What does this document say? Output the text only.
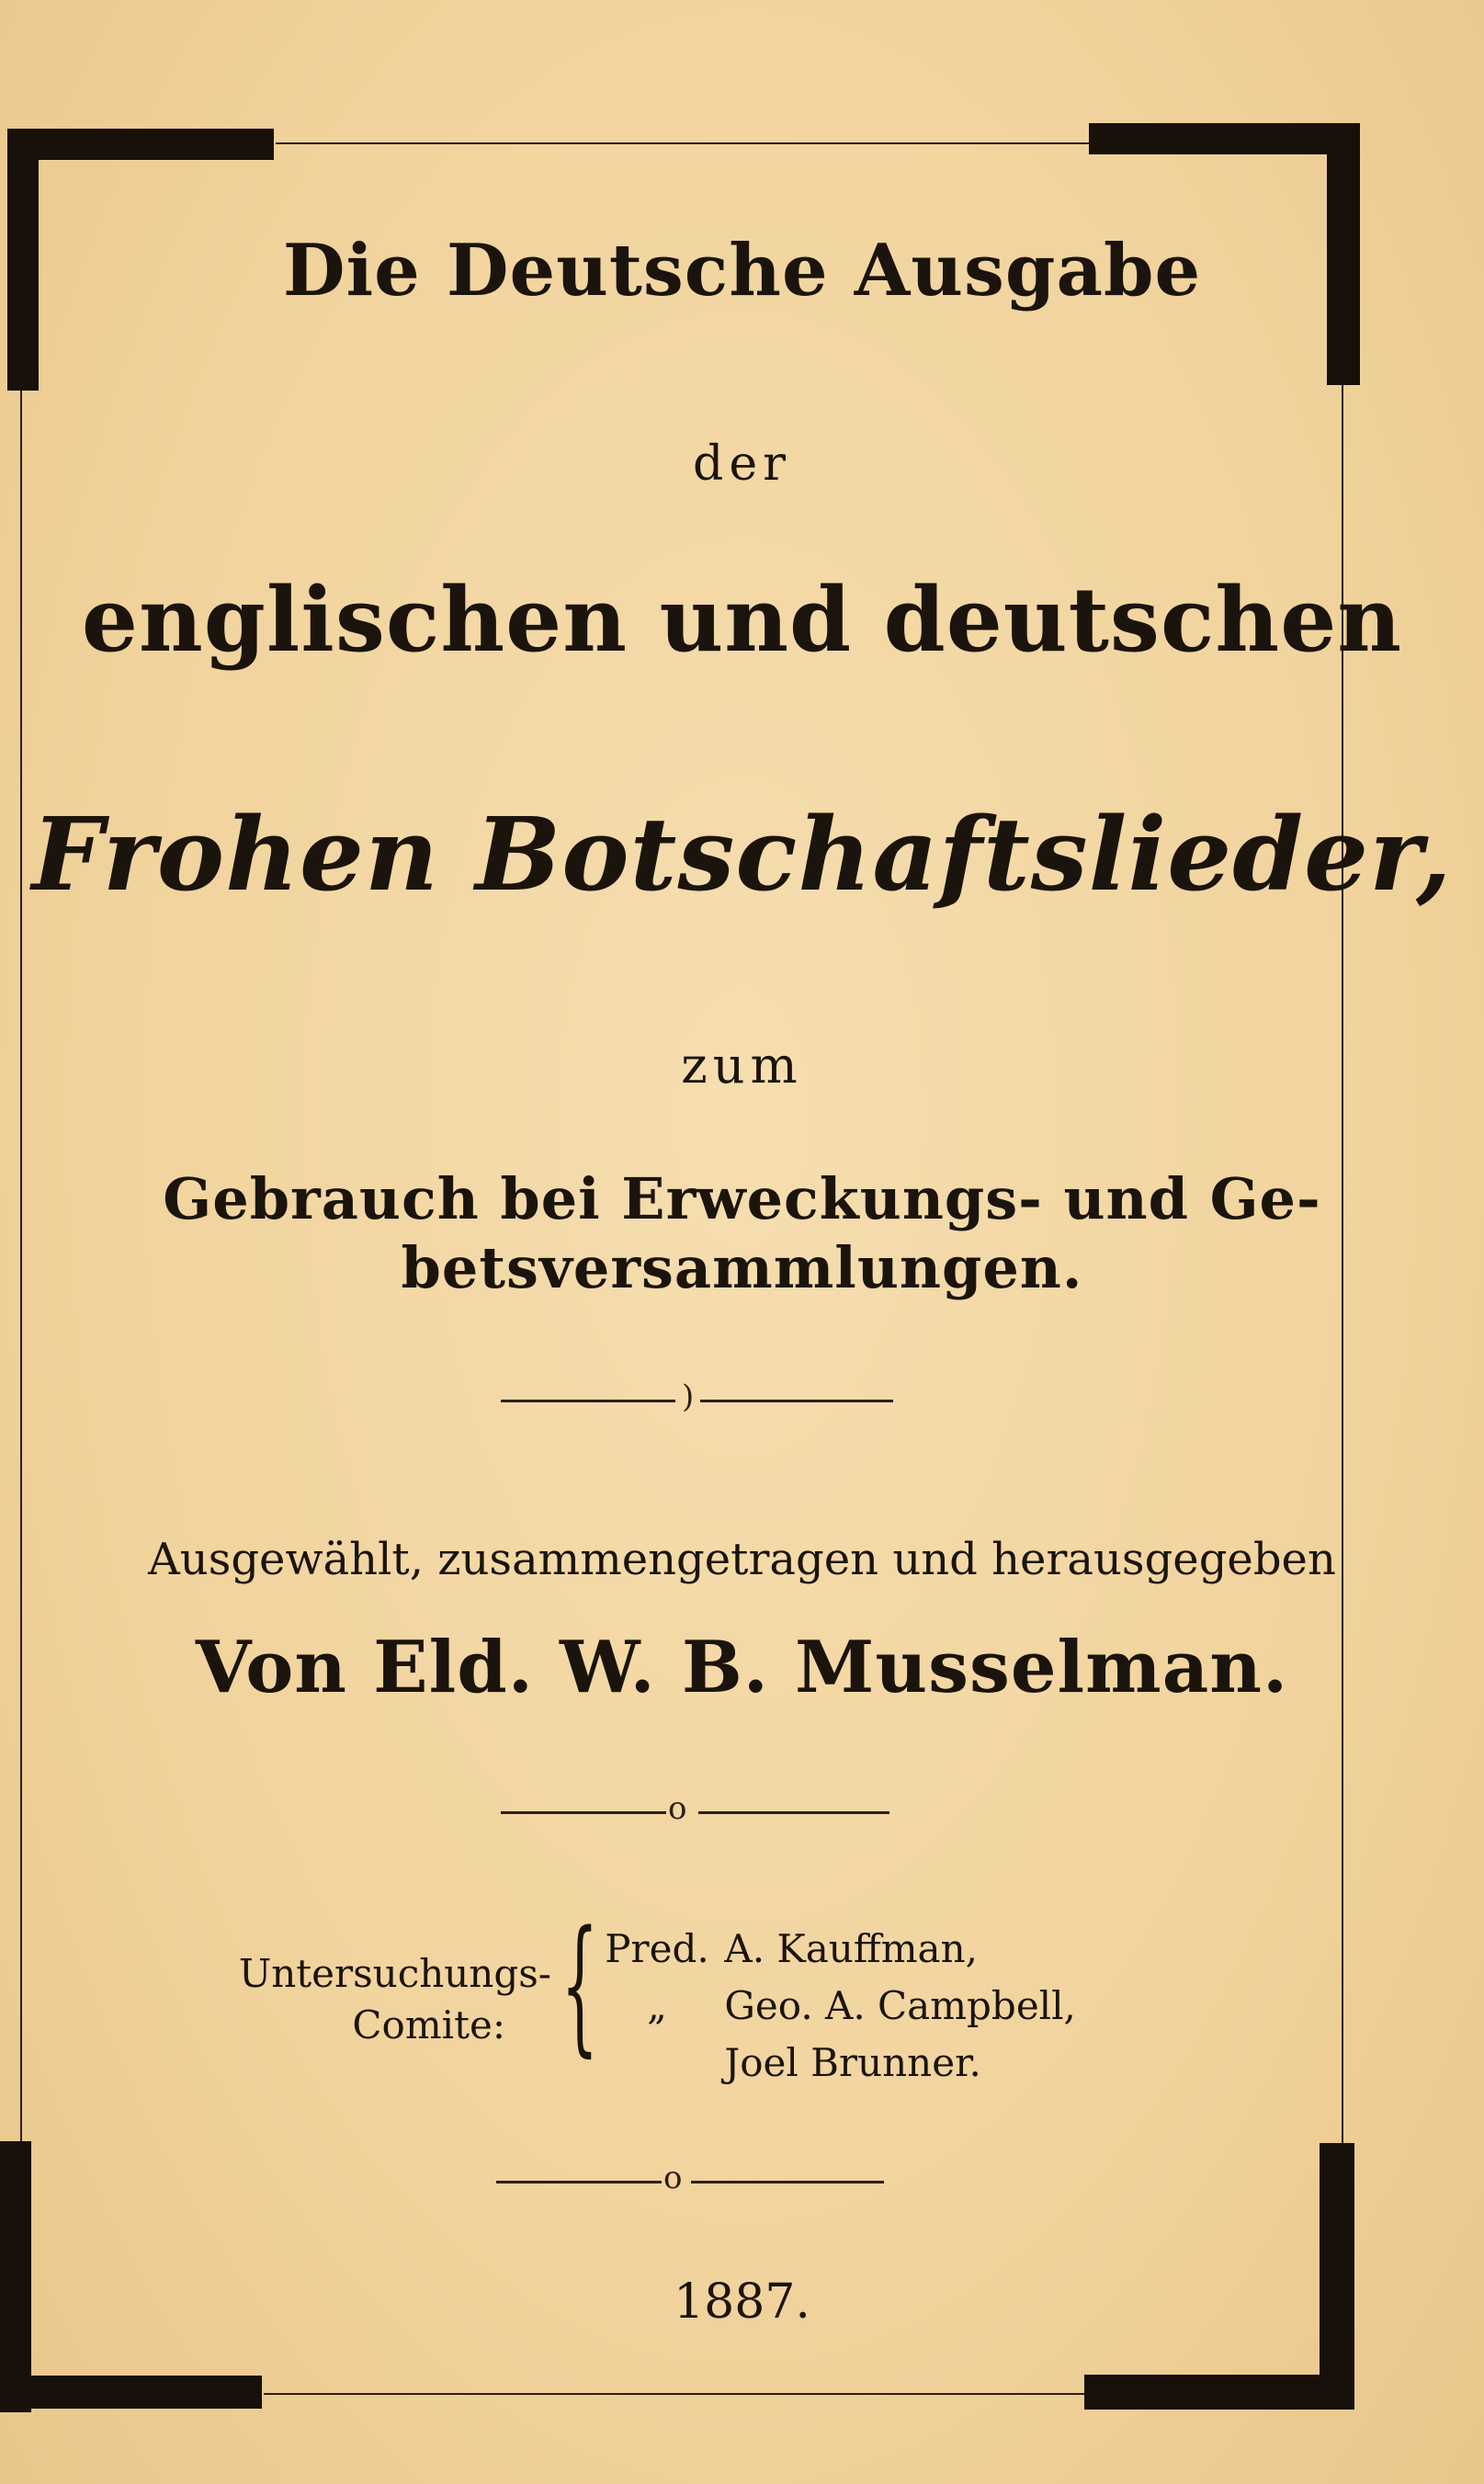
Die Deutsche Ausgabe
der
englischen und deutschen
Frohen Botschaftslieder,
zum
Gebrauch bei Erweckungs- und Ge-
betsversammlungen.
)
Ausgewählt, zusammengetragen und herausgegeben
Von Eld. W. B. Musselman.
o
Untersuchungs-
Comite: { Pred. A. Kauffman,
„ Geo. A. Campbell,
Joel Brunner.
o
1887.
